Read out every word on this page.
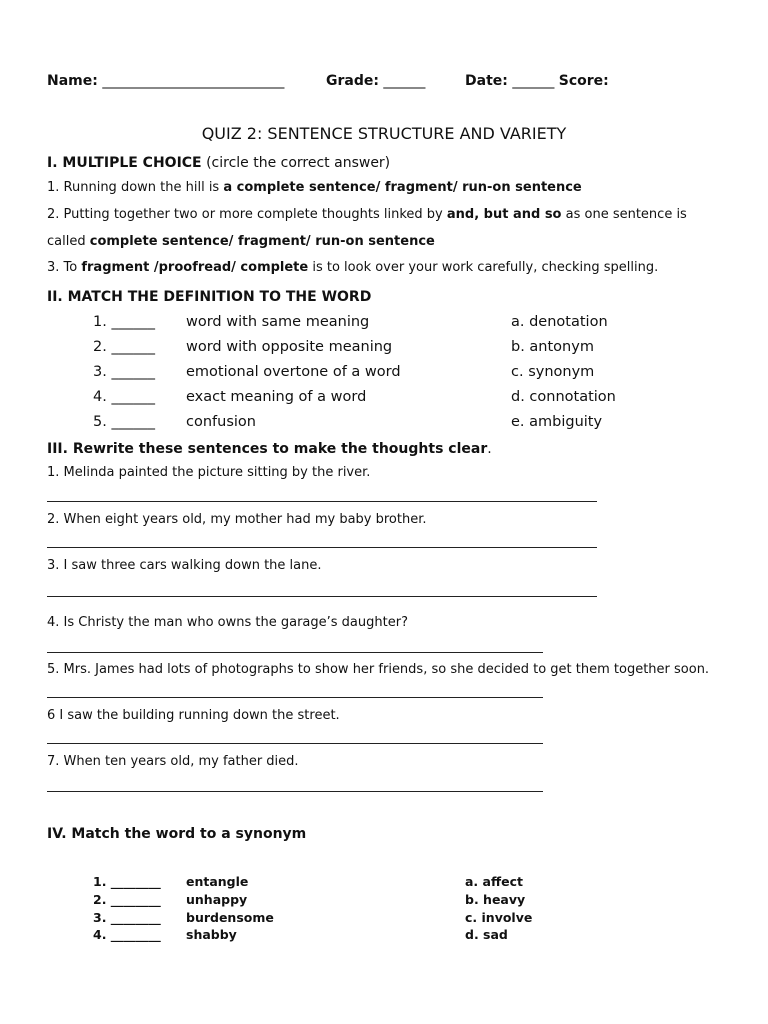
Name: __________________________	Grade: ______	Date: ______ Score:
QUIZ 2: SENTENCE STRUCTURE AND VARIETY
I. MULTIPLE CHOICE (circle the correct answer)
1. Running down the hill is a complete sentence/ fragment/ run-on sentence
2. Putting together two or more complete thoughts linked by and, but and so as one sentence is
called complete sentence/ fragment/ run-on sentence
3. To fragment /proofread/ complete is to look over your work carefully, checking spelling.
II. MATCH THE DEFINITION TO THE WORD
1. ______ word with same meaning	a. denotation
2. ______ word with opposite meaning	b. antonym
3. ______ emotional overtone of a word	c. synonym
4. ______ exact meaning of a word	d. connotation
5. ______ confusion	e. ambiguity
III. Rewrite these sentences to make the thoughts clear.
1. Melinda painted the picture sitting by the river.
2. When eight years old, my mother had my baby brother.
3. I saw three cars walking down the lane.
4. Is Christy the man who owns the garage’s daughter?
5. Mrs. James had lots of photographs to show her friends, so she decided to get them together soon.
6 I saw the building running down the street.
7. When ten years old, my father died.
IV. Match the word to a synonym
1. ________ entangle	a. affect
2. ________ unhappy	b. heavy
3. ________ burdensome	c. involve
4. ________ shabby	d. sad
